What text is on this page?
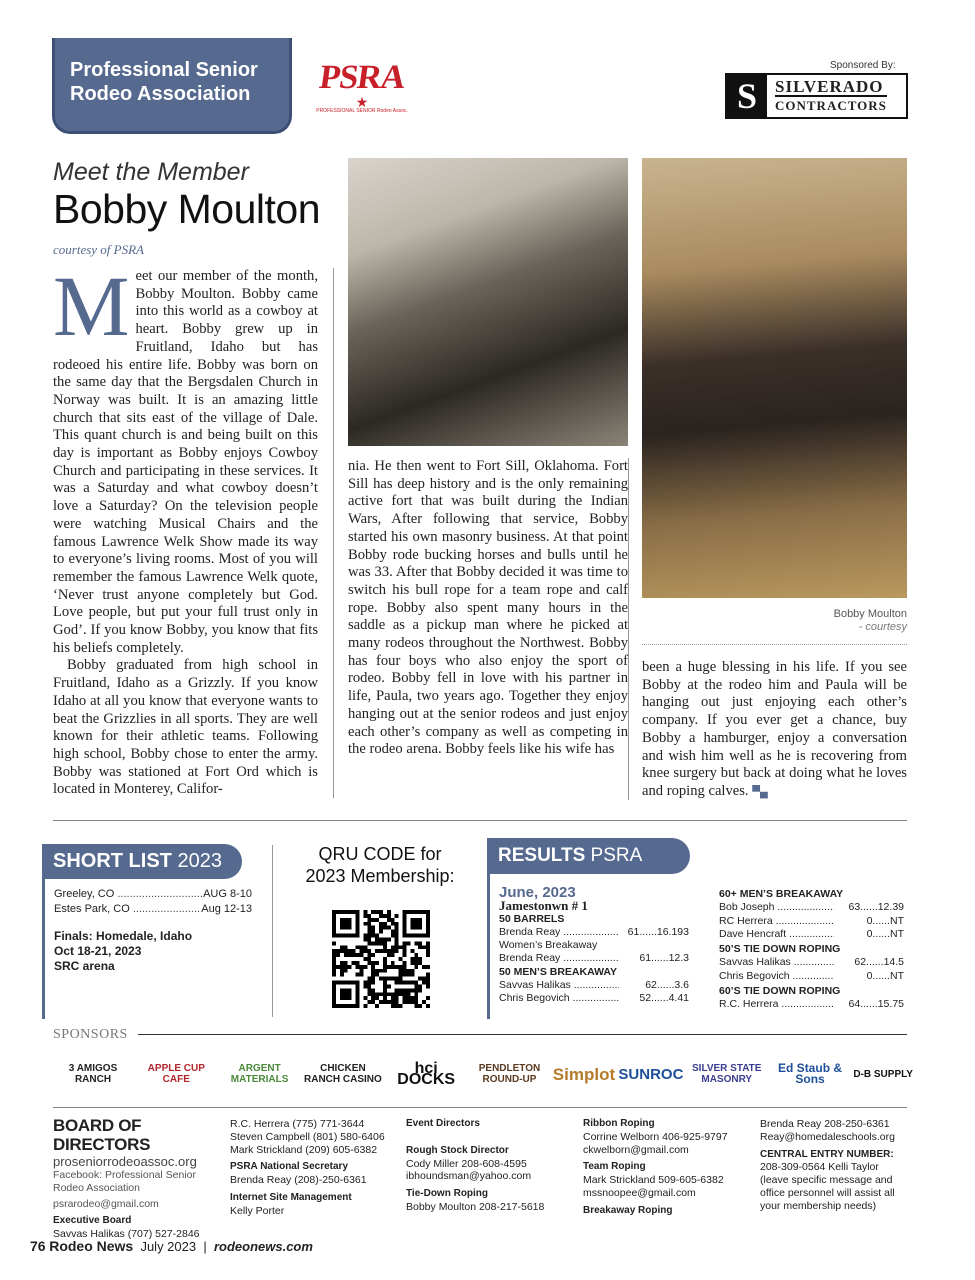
Professional Senior
Rodeo Association	PSRA
★
PROFESSIONAL SENIOR Rodeo Assoc.
Sponsored By:
S	SILVERADO
CONTRACTORS
Meet the Member
Bobby Moulton
courtesy of PSRA

Meet our member of the month, Bobby Moulton. Bobby came into this world as a cowboy at heart. Bobby grew up in Fruitland, Idaho but has rodeoed his entire life. Bobby was born on the same day that the Bergsdalen Church in Norway was built. It is an amazing little church that sits east of the village of Dale. This quant church is and being built on this day is important as Bobby enjoys Cowboy Church and participating in these services. It was a Saturday and what cowboy doesn’t love a Saturday? On the television people were watching Musical Chairs and the famous Lawrence Welk Show made its way to everyone’s living rooms. Most of you will remember the famous Lawrence Welk quote, ‘Never trust anyone completely but God. Love people, but put your full trust only in God’. If you know Bobby, you know that fits his beliefs completely.

Bobby graduated from high school in Fruitland, Idaho as a Grizzly. If you know Idaho at all you know that everyone wants to beat the Grizzlies in all sports. They are well known for their athletic teams. Following high school, Bobby chose to enter the army. Bobby was stationed at Fort Ord which is located in Monterey, Califor-

nia. He then went to Fort Sill, Oklahoma. Fort Sill has deep history and is the only remaining active fort that was built during the Indian Wars, After following that service, Bobby started his own masonry business. At that point Bobby rode bucking horses and bulls until he was 33. After that Bobby decided it was time to switch his bull rope for a team rope and calf rope. Bobby also spent many hours in the saddle as a pickup man where he picked at many rodeos throughout the Northwest. Bobby has four boys who also enjoy the sport of rodeo. Bobby fell in love with his partner in life, Paula, two years ago. Together they enjoy hanging out at the senior rodeos and just enjoy each other’s company as well as competing in the rodeo arena. Bobby feels like his wife has

Bobby Moulton
- courtesy

been a huge blessing in his life. If you see Bobby at the rodeo him and Paula will be hanging out just enjoying each other’s company. If you ever get a chance, buy Bobby a hamburger, enjoy a conversation and wish him well as he is recovering from knee surgery but back at doing what he loves and roping calves. ▀▄

SHORT LIST 2023
Greeley, CO .....	AUG 8-10
Estes Park, CO .....	Aug 12-13
Finals: Homedale, Idaho
Oct 18-21, 2023
SRC arena
QRU CODE for
2023 Membership:
RESULTS PSRA
June, 2023
Jamestonwn # 1
50 BARRELS
Brenda Reay .....	61......16.193
Women’s Breakaway
Brenda Reay .....	61......12.3
50 MEN’S BREAKAWAY
Savvas Halikas .....	62......3.6
Chris Begovich .....	52......4.41
60+ MEN’S BREAKAWAY
Bob Joseph .....	63......12.39
RC Herrera .....	0......NT
Dave Hencraft .....	0......NT
50’S TIE DOWN ROPING
Savvas Halikas .....	62......14.5
Chris Begovich .....	0......NT
60’S TIE DOWN ROPING
R.C. Herrera .....	64......15.75
SPONSORS
3 AMIGOS RANCH
APPLE CUP CAFE
ARGENT MATERIALS
CHICKEN RANCH CASINO
hci DOCKS
PENDLETON ROUND-UP Simplot SUNROC SILVER STATE MASONRY
Ed Staub & Sons	D-B SUPPLY
BOARD OF DIRECTORS
proseniorrodeoassoc.org
Facebook: Professional Senior Rodeo Association
psrarodeo@gmail.com
Executive Board
Savvas Halikas (707) 527-2846
R.C. Herrera (775) 771-3644
Steven Campbell (801) 580-6406
Mark Strickland (209) 605-6382
PSRA National Secretary
Brenda Reay (208)-250-6361
Internet Site Management
Kelly Porter
Event Directors
Rough Stock Director
Cody Miller 208-608-4595
ibhoundsman@yahoo.com
Tie-Down Roping
Bobby Moulton 208-217-5618
Ribbon Roping
Corrine Welborn 406-925-9797
ckwelborn@gmail.com
Team Roping
Mark Strickland 509-605-6382
mssnoopee@gmail.com
Breakaway Roping
Brenda Reay 208-250-6361
Reay@homedaleschools.org
CENTRAL ENTRY NUMBER:
208-309-0564 Kelli Taylor (leave specific message and office personnel will assist all your membership needs)
76 Rodeo News July 2023 | rodeonews.com
